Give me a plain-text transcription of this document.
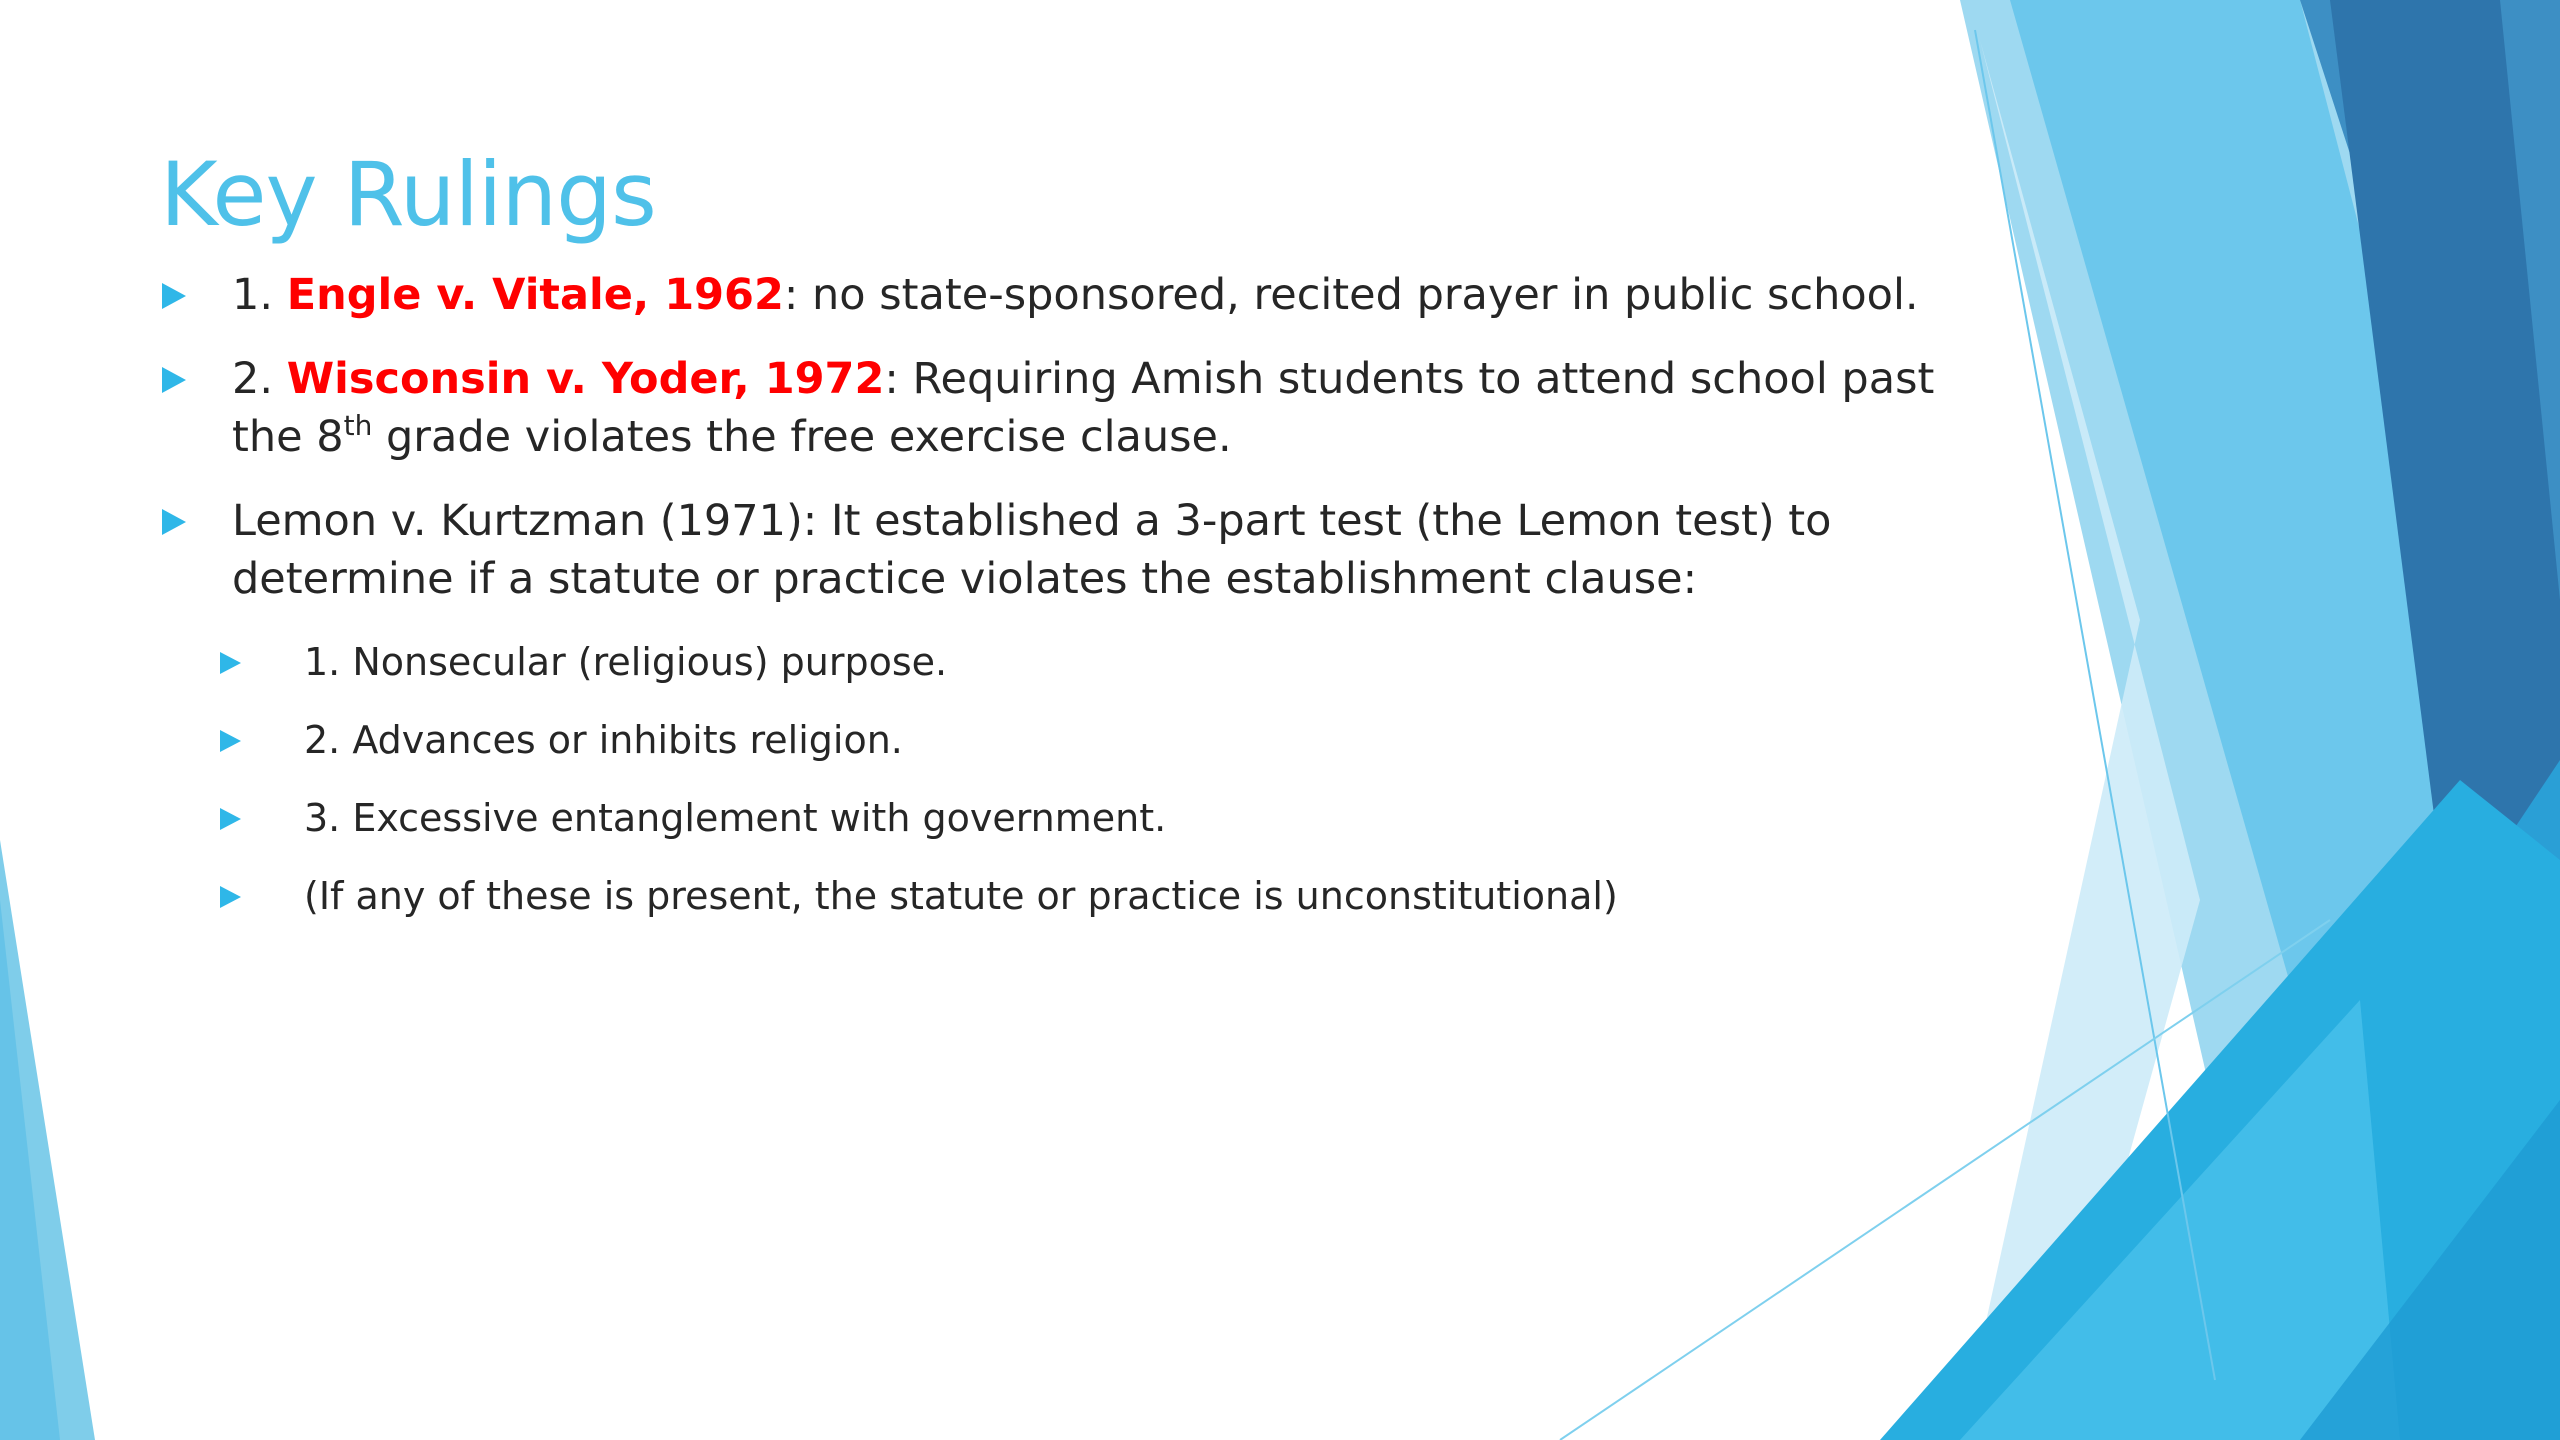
Key Rulings
1. Engle v. Vitale, 1962: no state-sponsored, recited prayer in public school.
2. Wisconsin v. Yoder, 1972: Requiring Amish students to attend school past the 8th grade violates the free exercise clause.
Lemon v. Kurtzman (1971): It established a 3-part test (the Lemon test) to determine if a statute or practice violates the establishment clause:
1. Nonsecular (religious) purpose.
2. Advances or inhibits religion.
3. Excessive entanglement with government.
(If any of these is present, the statute or practice is unconstitutional)
